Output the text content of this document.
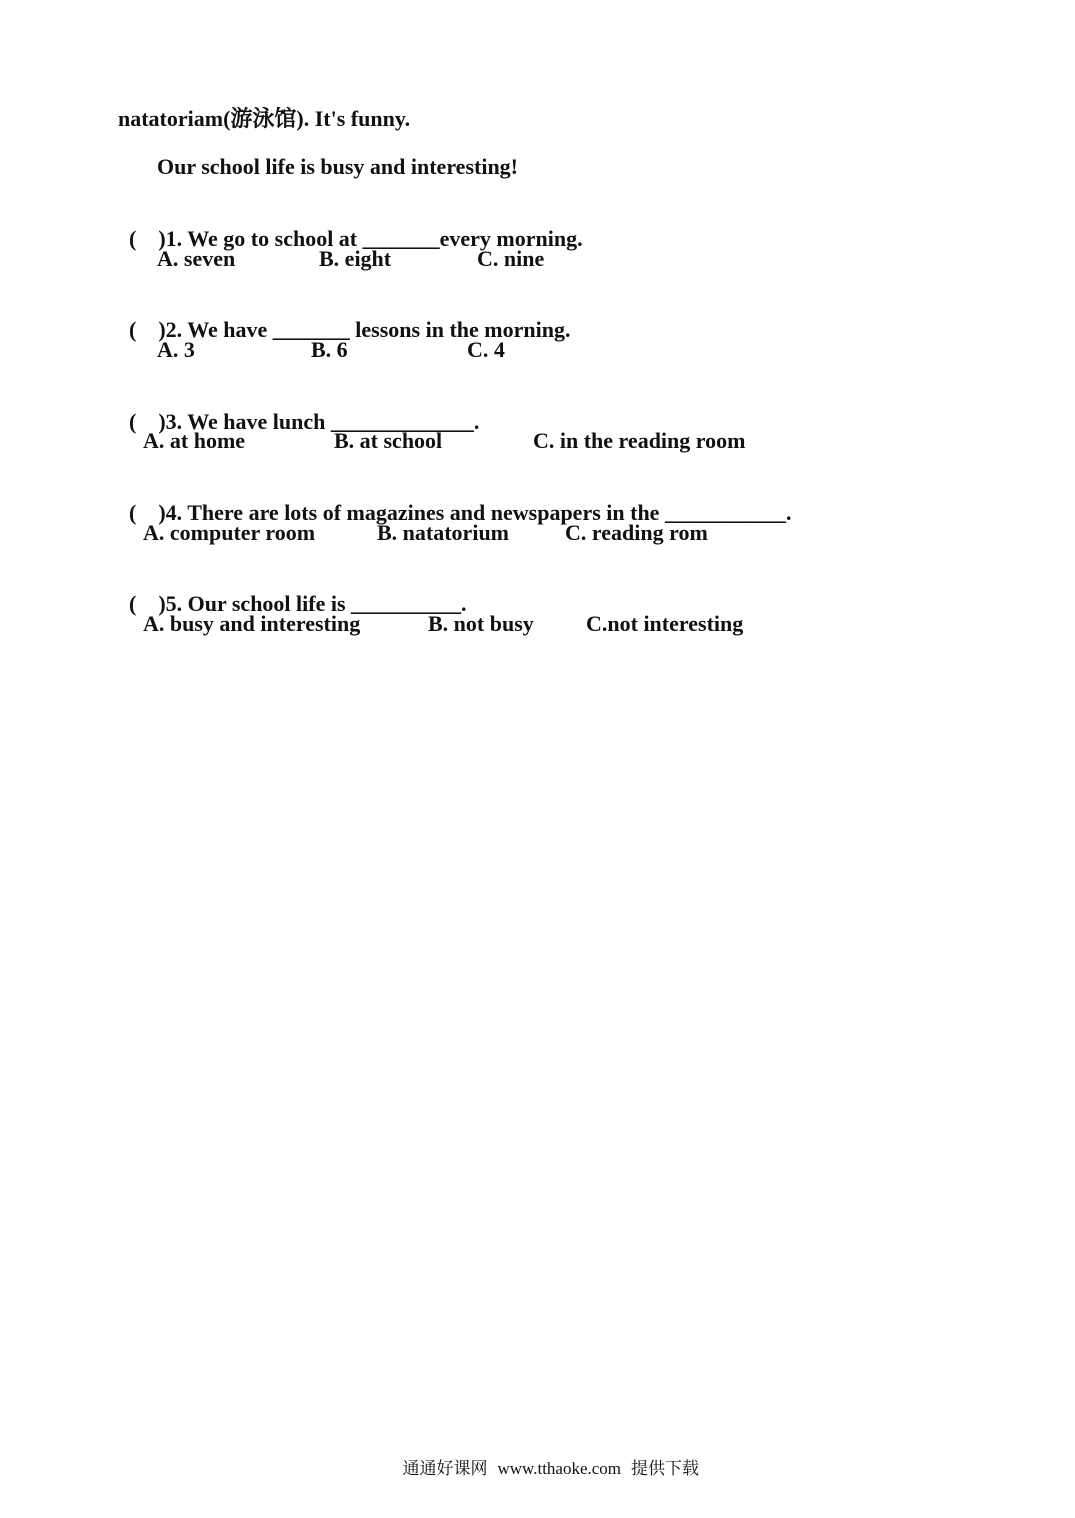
natatoriam(游泳馆). It's funny.
Our school life is busy and interesting!

(    )1. We go to school at _______every morning.

A. seven

	B. eight

	C. nine

(    )2. We have _______ lessons in the morning.

A. 3

	B. 6

	C. 4

(    )3. We have lunch _____________.

A. at home

	B. at school

	C. in the reading room

(    )4. There are lots of magazines and newspapers in the ___________.

A. computer room

	B. natatorium

	C. reading rom

(    )5. Our school life is __________.

A. busy and interesting

	B. not busy

C.not interesting

通通好课网 www.tthaoke.com 提供下载
